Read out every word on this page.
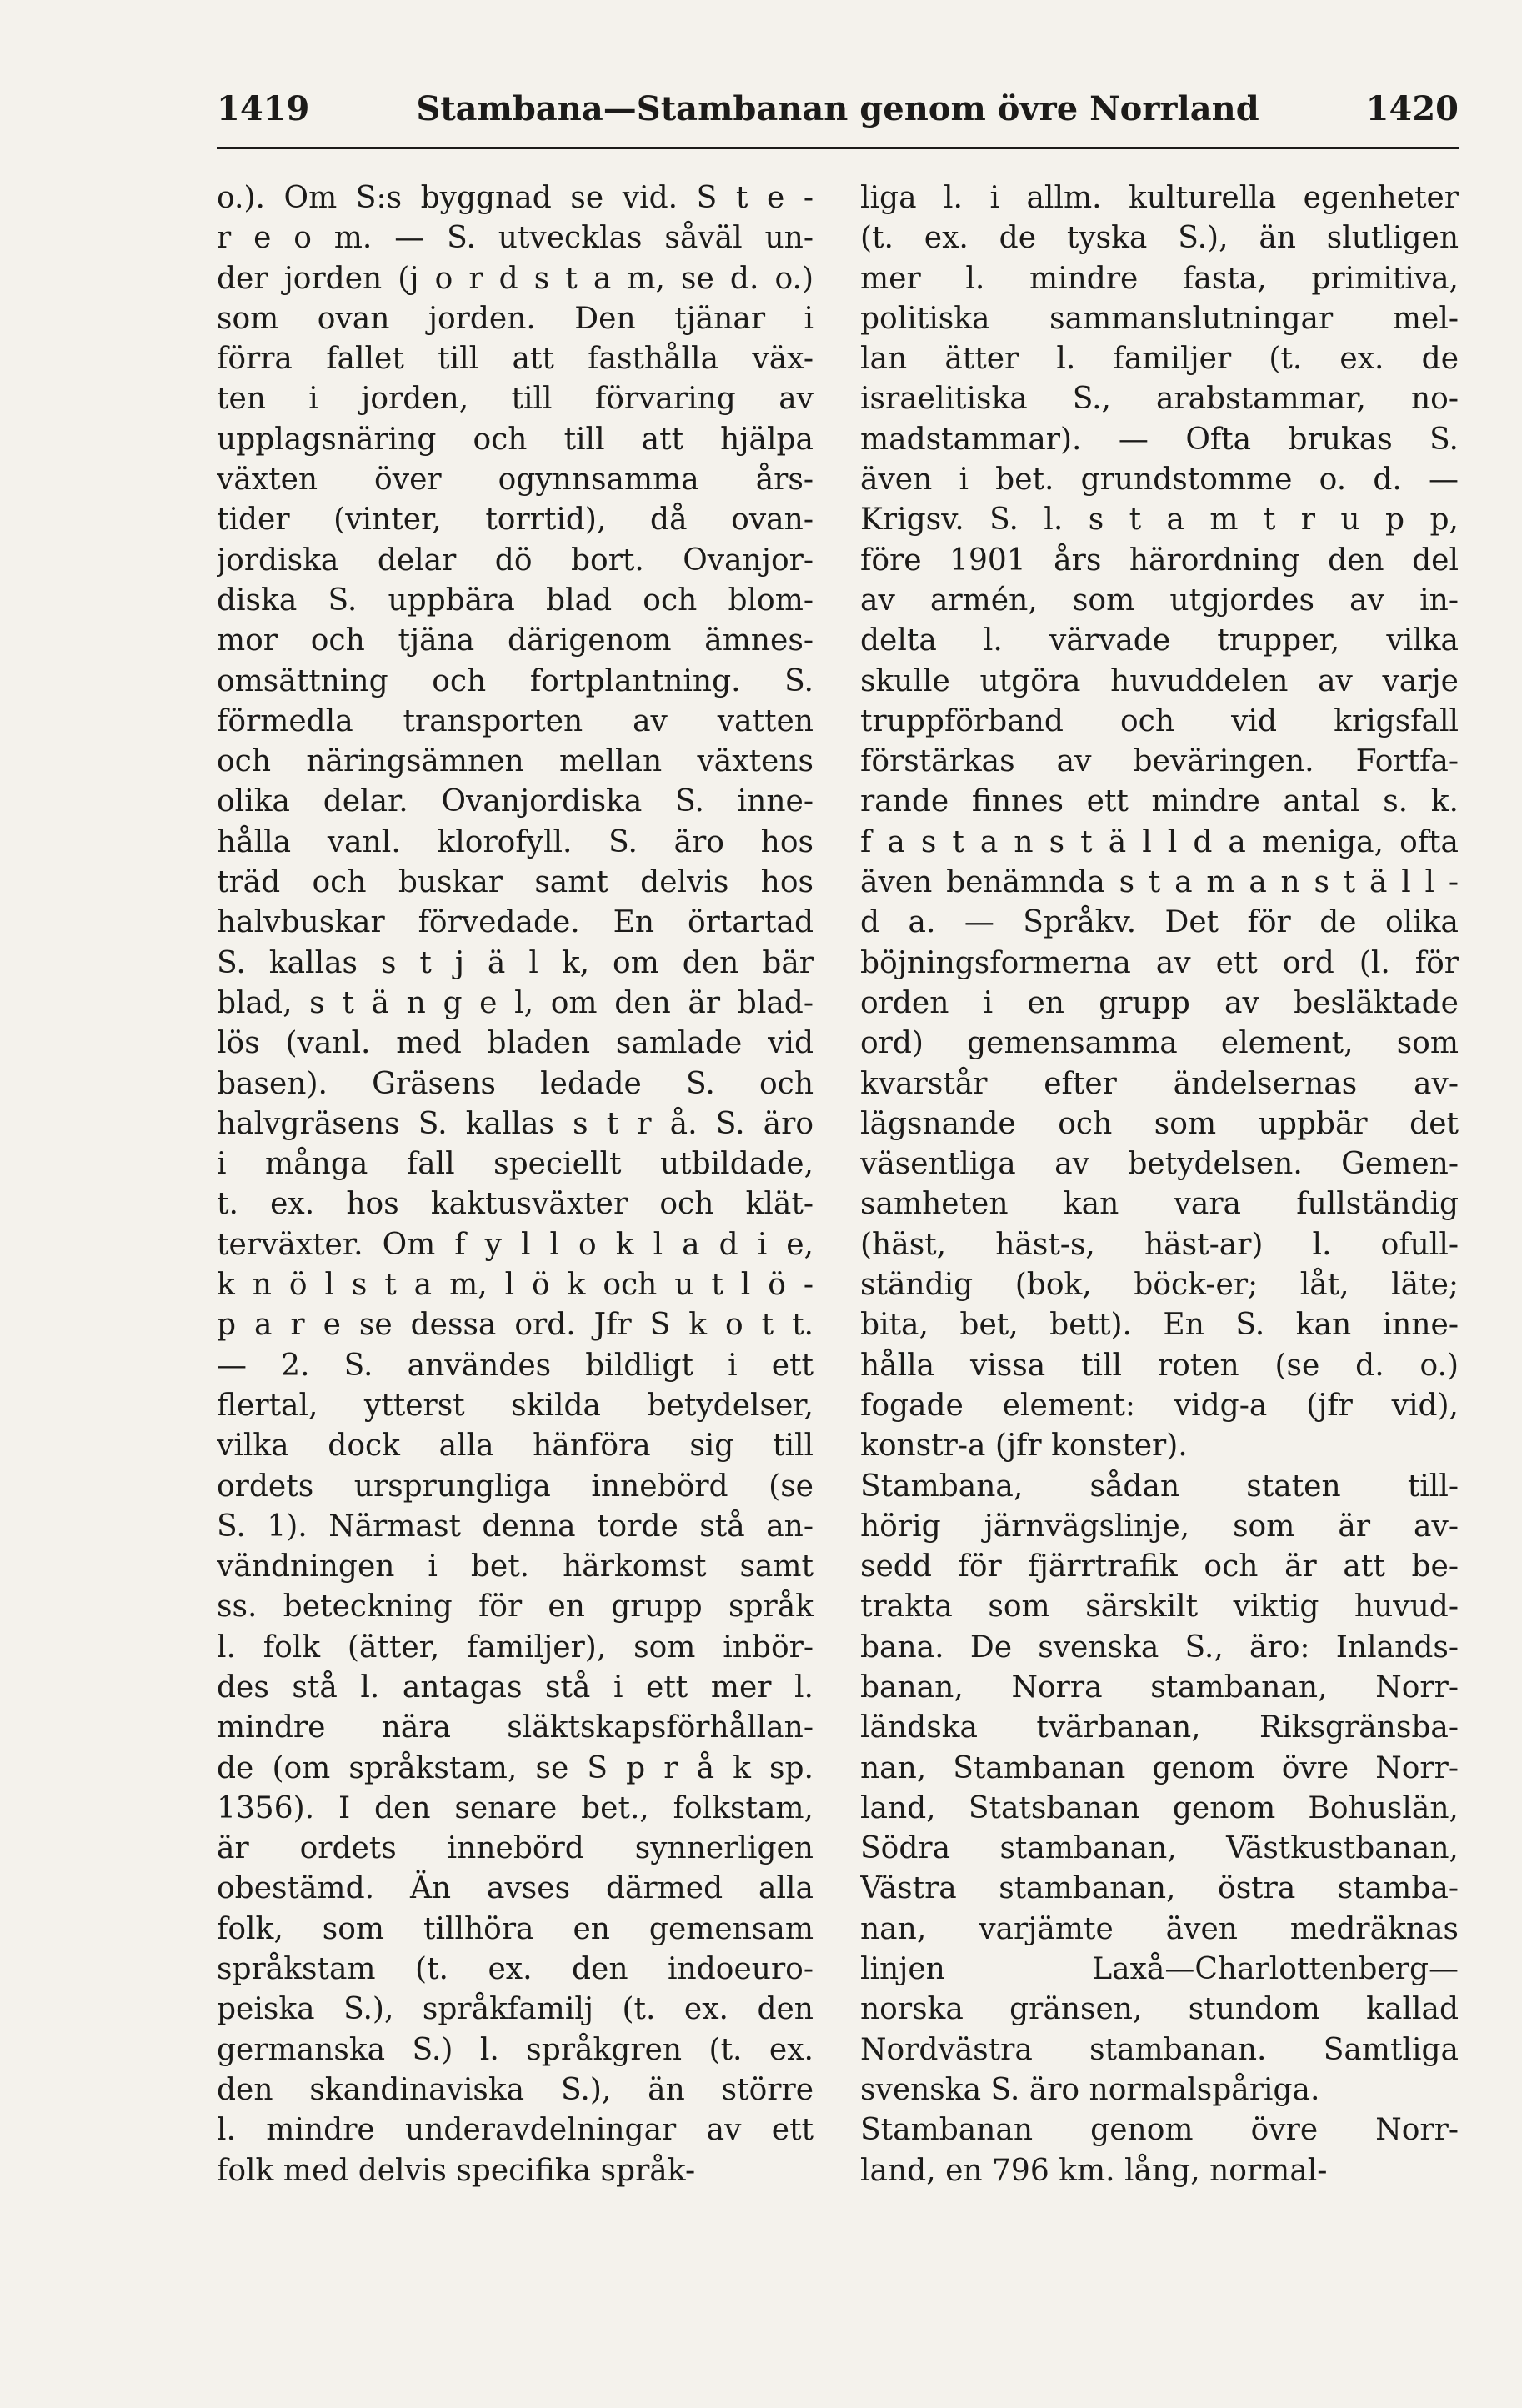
1419	Stambana—Stambanan genom övre Norrland	1420
o.). Om S:s byggnad se vid. S t e -
r e o m. — S. utvecklas såväl un-
der jorden (j o r d s t a m, se d. o.)
som ovan jorden. Den tjänar i
förra fallet till att fasthålla väx-
ten i jorden, till förvaring av
upplagsnäring och till att hjälpa
växten över ogynnsamma års-
tider (vinter, torrtid), då ovan-
jordiska delar dö bort. Ovanjor-
diska S. uppbära blad och blom-
mor och tjäna därigenom ämnes-
omsättning och fortplantning. S.
förmedla transporten av vatten
och näringsämnen mellan växtens
olika delar. Ovanjordiska S. inne-
hålla vanl. klorofyll. S. äro hos
träd och buskar samt delvis hos
halvbuskar förvedade. En örtartad
S. kallas s t j ä l k, om den bär
blad, s t ä n g e l, om den är blad-
lös (vanl. med bladen samlade vid
basen). Gräsens ledade S. och
halvgräsens S. kallas s t r å. S. äro
i många fall speciellt utbildade,
t. ex. hos kaktusväxter och klät-
terväxter. Om f y l l o k l a d i e,
k n ö l s t a m, l ö k och u t l ö -
p a r e se dessa ord. Jfr S k o t t.
— 2. S. användes bildligt i ett
flertal, ytterst skilda betydelser,
vilka dock alla hänföra sig till
ordets ursprungliga innebörd (se
S. 1). Närmast denna torde stå an-
vändningen i bet. härkomst samt
ss. beteckning för en grupp språk
l. folk (ätter, familjer), som inbör-
des stå l. antagas stå i ett mer l.
mindre nära släktskapsförhållan-
de (om språkstam, se S p r å k sp.
1356). I den senare bet., folkstam,
är ordets innebörd synnerligen
obestämd. Än avses därmed alla
folk, som tillhöra en gemensam
språkstam (t. ex. den indoeuro-
peiska S.), språkfamilj (t. ex. den
germanska S.) l. språkgren (t. ex.
den skandinaviska S.), än större
l. mindre underavdelningar av ett
folk med delvis specifika språk-
liga l. i allm. kulturella egenheter
(t. ex. de tyska S.), än slutligen
mer l. mindre fasta, primitiva,
politiska sammanslutningar mel-
lan ätter l. familjer (t. ex. de
israelitiska S., arabstammar, no-
madstammar). — Ofta brukas S.
även i bet. grundstomme o. d. —
Krigsv. S. l. s t a m t r u p p,
före 1901 års härordning den del
av armén, som utgjordes av in-
delta l. värvade trupper, vilka
skulle utgöra huvuddelen av varje
truppförband och vid krigsfall
förstärkas av beväringen. Fortfa-
rande finnes ett mindre antal s. k.
f a s t a n s t ä l l d a meniga, ofta
även benämnda s t a m a n s t ä l l -
d a. — Språkv. Det för de olika
böjningsformerna av ett ord (l. för
orden i en grupp av besläktade
ord) gemensamma element, som
kvarstår efter ändelsernas av-
lägsnande och som uppbär det
väsentliga av betydelsen. Gemen-
samheten kan vara fullständig
(häst, häst-s, häst-ar) l. ofull-
ständig (bok, böck-er; låt, läte;
bita, bet, bett). En S. kan inne-
hålla vissa till roten (se d. o.)
fogade element: vidg-a (jfr vid),
konstr-a (jfr konster).
Stambana, sådan staten till-
hörig järnvägslinje, som är av-
sedd för fjärrtrafik och är att be-
trakta som särskilt viktig huvud-
bana. De svenska S., äro: Inlands-
banan, Norra stambanan, Norr-
ländska tvärbanan, Riksgränsba-
nan, Stambanan genom övre Norr-
land, Statsbanan genom Bohuslän,
Södra stambanan, Västkustbanan,
Västra stambanan, östra stamba-
nan, varjämte även medräknas
linjen Laxå—Charlottenberg—
norska gränsen, stundom kallad
Nordvästra stambanan. Samtliga
svenska S. äro normalspåriga.
Stambanan genom övre Norr-
land, en 796 km. lång, normal-
